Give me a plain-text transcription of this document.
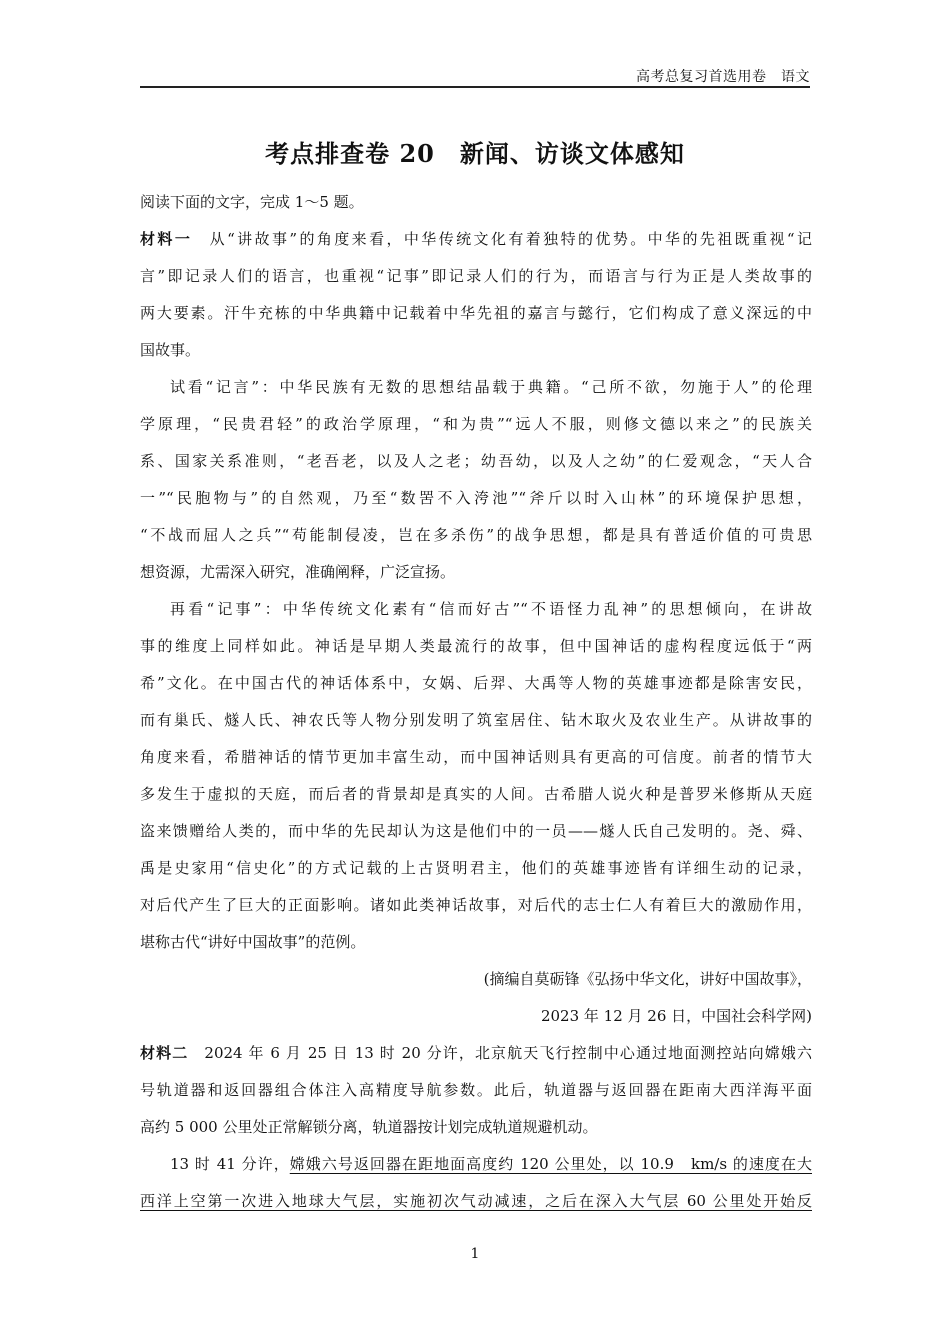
高考总复习首选用卷　语文
考点排查卷 20　新闻、访谈文体感知
阅读下面的文字，完成 1～5 题。
材料一　 从“讲故事”的角度来看，中华传统文化有着独特的优势。中华的先祖既重视“记
言”即记录人们的语言，也重视“记事”即记录人们的行为，而语言与行为正是人类故事的
两大要素。汗牛充栋的中华典籍中记载着中华先祖的嘉言与懿行，它们构成了意义深远的中
国故事。
试看“记言”：中华民族有无数的思想结晶载于典籍。“己所不欲，勿施于人”的伦理
学原理，“民贵君轻”的政治学原理，“和为贵”“远人不服，则修文德以来之”的民族关
系、国家关系准则，“老吾老，以及人之老；幼吾幼，以及人之幼”的仁爱观念，“天人合
一”“民胞物与”的自然观，乃至“数罟不入洿池”“斧斤以时入山林”的环境保护思想，
“不战而屈人之兵”“苟能制侵凌，岂在多杀伤”的战争思想，都是具有普适价值的可贵思
想资源，尤需深入研究，准确阐释，广泛宣扬。
再看“记事”：中华传统文化素有“信而好古”“不语怪力乱神”的思想倾向，在讲故
事的维度上同样如此。神话是早期人类最流行的故事，但中国神话的虚构程度远低于“两
希”文化。在中国古代的神话体系中，女娲、后羿、大禹等人物的英雄事迹都是除害安民，
而有巢氏、燧人氏、神农氏等人物分别发明了筑室居住、钻木取火及农业生产。从讲故事的
角度来看，希腊神话的情节更加丰富生动，而中国神话则具有更高的可信度。前者的情节大
多发生于虚拟的天庭，而后者的背景却是真实的人间。古希腊人说火种是普罗米修斯从天庭
盗来馈赠给人类的，而中华的先民却认为这是他们中的一员——燧人氏自己发明的。尧、舜、
禹是史家用“信史化”的方式记载的上古贤明君主，他们的英雄事迹皆有详细生动的记录，
对后代产生了巨大的正面影响。诸如此类神话故事，对后代的志士仁人有着巨大的激励作用，
堪称古代“讲好中国故事”的范例。
(摘编自莫砺锋《弘扬中华文化，讲好中国故事》，
2023 年 12 月 26 日，中国社会科学网)
材料二　 2024 年 6 月 25 日 13 时 20 分许，北京航天飞行控制中心通过地面测控站向嫦娥六
号轨道器和返回器组合体注入高精度导航参数。此后，轨道器与返回器在距南大西洋海平面
高约 5 000 公里处正常解锁分离，轨道器按计划完成轨道规避机动。
13 时 41 分许，嫦娥六号返回器在距地面高度约 120 公里处，以 10.9　km/s 的速度在大
西洋上空第一次进入地球大气层，实施初次气动减速，之后在深入大气层 60 公里处开始反
1
